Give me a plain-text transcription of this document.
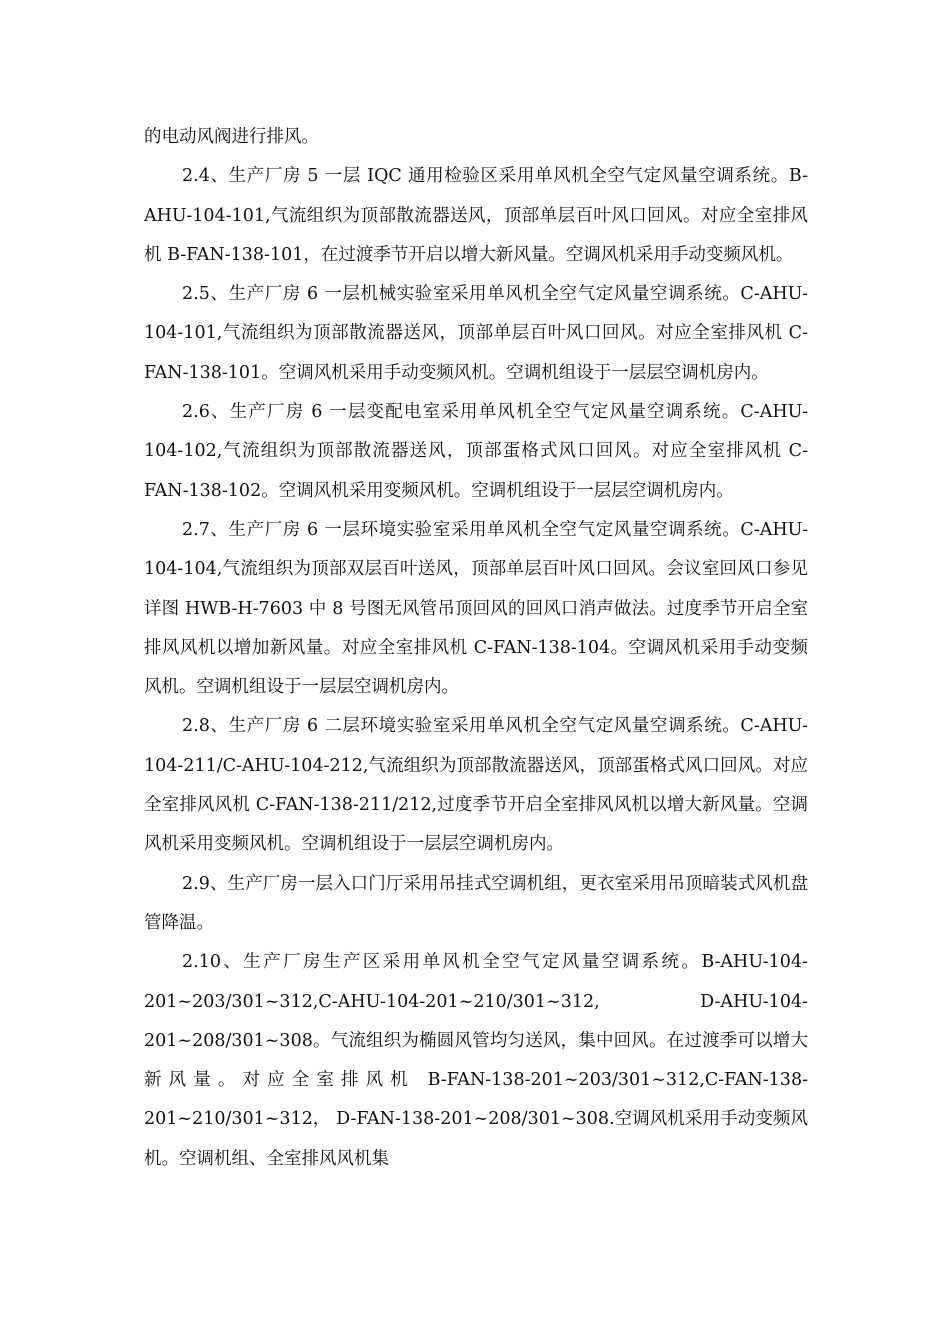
的电动风阀进行排风。

2.4、生产厂房 5 一层 IQC 通用检验区采用单风机全空气定风量空调系统。B-AHU-104-101,气流组织为顶部散流器送风，顶部单层百叶风口回风。对应全室排风机 B-FAN-138-101，在过渡季节开启以增大新风量。空调风机采用手动变频风机。

2.5、生产厂房 6 一层机械实验室采用单风机全空气定风量空调系统。C-AHU-104-101,气流组织为顶部散流器送风，顶部单层百叶风口回风。对应全室排风机 C-FAN-138-101。空调风机采用手动变频风机。空调机组设于一层层空调机房内。

2.6、生产厂房 6 一层变配电室采用单风机全空气定风量空调系统。C-AHU-104-102,气流组织为顶部散流器送风，顶部蛋格式风口回风。对应全室排风机 C-FAN-138-102。空调风机采用变频风机。空调机组设于一层层空调机房内。

2.7、生产厂房 6 一层环境实验室采用单风机全空气定风量空调系统。C-AHU-104-104,气流组织为顶部双层百叶送风，顶部单层百叶风口回风。会议室回风口参见详图 HWB-H-7603 中 8 号图无风管吊顶回风的回风口消声做法。过度季节开启全室排风风机以增加新风量。对应全室排风机 C-FAN-138-104。空调风机采用手动变频风机。空调机组设于一层层空调机房内。

2.8、生产厂房 6 二层环境实验室采用单风机全空气定风量空调系统。C-AHU-104-211/C-AHU-104-212,气流组织为顶部散流器送风，顶部蛋格式风口回风。对应全室排风风机 C-FAN-138-211/212,过度季节开启全室排风风机以增大新风量。空调风机采用变频风机。空调机组设于一层层空调机房内。

2.9、生产厂房一层入口门厅采用吊挂式空调机组，更衣室采用吊顶暗装式风机盘管降温。

2.10、生产厂房生产区采用单风机全空气定风量空调系统。B-AHU-104-201~203/301~312,C-AHU-104-201~210/301~312, D-AHU-104-201~208/301~308。气流组织为椭圆风管均匀送风，集中回风。在过渡季可以增大新风量。对应全室排风机 B-FAN-138-201~203/301~312,C-FAN-138-201~210/301~312， D-FAN-138-201~208/301~308.空调风机采用手动变频风机。空调机组、全室排风风机集
